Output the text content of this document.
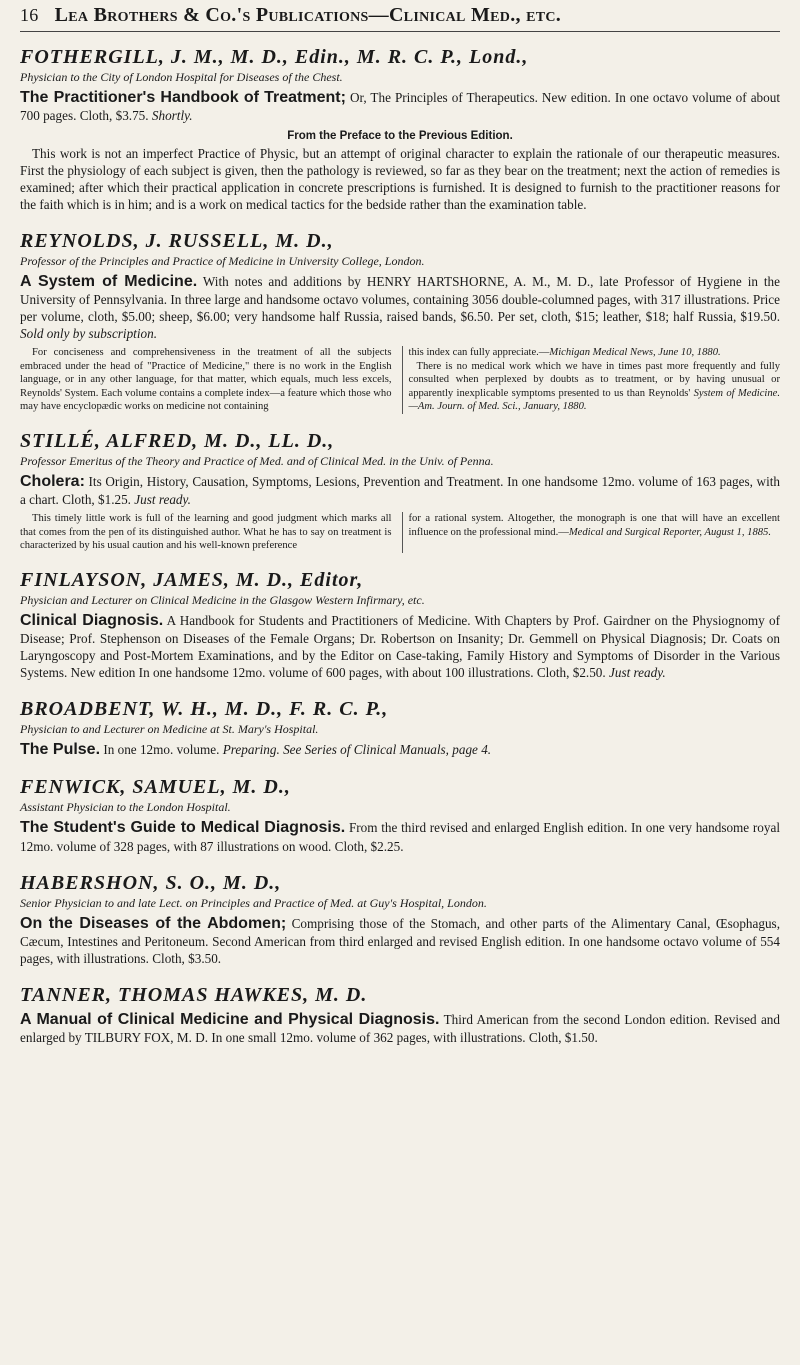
16 Lea Brothers & Co.'s Publications—Clinical Med., etc.

FOTHERGILL, J. M., M. D., Edin., M. R. C. P., Lond.,

Physician to the City of London Hospital for Diseases of the Chest.

The Practitioner's Handbook of Treatment; Or, The Principles of Therapeutics. New edition. In one octavo volume of about 700 pages. Cloth, $3.75. Shortly.

From the Preface to the Previous Edition.

This work is not an imperfect Practice of Physic, but an attempt of original character to explain the rationale of our therapeutic measures. First the physiology of each subject is given, then the pathology is reviewed, so far as they bear on the treatment; next the action of remedies is examined; after which their practical application in concrete prescriptions is furnished. It is designed to furnish to the practitioner reasons for the faith which is in him; and is a work on medical tactics for the bedside rather than the examination table.

REYNOLDS, J. RUSSELL, M. D.,

Professor of the Principles and Practice of Medicine in University College, London.

A System of Medicine. With notes and additions by HENRY HARTSHORNE, A. M., M. D., late Professor of Hygiene in the University of Pennsylvania. In three large and handsome octavo volumes, containing 3056 double-columned pages, with 317 illustrations. Price per volume, cloth, $5.00; sheep, $6.00; very handsome half Russia, raised bands, $6.50. Per set, cloth, $15; leather, $18; half Russia, $19.50. Sold only by subscription.

For conciseness and comprehensiveness in the treatment of all the subjects embraced under the head of "Practice of Medicine," there is no work in the English language, or in any other language, for that matter, which equals, much less excels, Reynolds' System. Each volume contains a complete index—a feature which those who may have encyclopædic works on medicine not containing
this index can fully appreciate.—Michigan Medical News, June 10, 1880.
There is no medical work which we have in times past more frequently and fully consulted when perplexed by doubts as to treatment, or by having unusual or apparently inexplicable symptoms presented to us than Reynolds' System of Medicine.—Am. Journ. of Med. Sci., January, 1880.

STILLÉ, ALFRED, M. D., LL. D.,

Professor Emeritus of the Theory and Practice of Med. and of Clinical Med. in the Univ. of Penna.

Cholera: Its Origin, History, Causation, Symptoms, Lesions, Prevention and Treatment. In one handsome 12mo. volume of 163 pages, with a chart. Cloth, $1.25. Just ready.

This timely little work is full of the learning and good judgment which marks all that comes from the pen of its distinguished author. What he has to say on treatment is characterized by his usual caution and his well-known preference
for a rational system. Altogether, the monograph is one that will have an excellent influence on the professional mind.—Medical and Surgical Reporter, August 1, 1885.

FINLAYSON, JAMES, M. D., Editor,

Physician and Lecturer on Clinical Medicine in the Glasgow Western Infirmary, etc.

Clinical Diagnosis. A Handbook for Students and Practitioners of Medicine. With Chapters by Prof. Gairdner on the Physiognomy of Disease; Prof. Stephenson on Diseases of the Female Organs; Dr. Robertson on Insanity; Dr. Gemmell on Physical Diagnosis; Dr. Coats on Laryngoscopy and Post-Mortem Examinations, and by the Editor on Case-taking, Family History and Symptoms of Disorder in the Various Systems. New edition In one handsome 12mo. volume of 600 pages, with about 100 illustrations. Cloth, $2.50. Just ready.

BROADBENT, W. H., M. D., F. R. C. P.,

Physician to and Lecturer on Medicine at St. Mary's Hospital.

The Pulse. In one 12mo. volume. Preparing. See Series of Clinical Manuals, page 4.

FENWICK, SAMUEL, M. D.,

Assistant Physician to the London Hospital.

The Student's Guide to Medical Diagnosis. From the third revised and enlarged English edition. In one very handsome royal 12mo. volume of 328 pages, with 87 illustrations on wood. Cloth, $2.25.

HABERSHON, S. O., M. D.,

Senior Physician to and late Lect. on Principles and Practice of Med. at Guy's Hospital, London.

On the Diseases of the Abdomen; Comprising those of the Stomach, and other parts of the Alimentary Canal, Œsophagus, Cæcum, Intestines and Peritoneum. Second American from third enlarged and revised English edition. In one handsome octavo volume of 554 pages, with illustrations. Cloth, $3.50.

TANNER, THOMAS HAWKES, M. D.

A Manual of Clinical Medicine and Physical Diagnosis. Third American from the second London edition. Revised and enlarged by TILBURY FOX, M. D. In one small 12mo. volume of 362 pages, with illustrations. Cloth, $1.50.
